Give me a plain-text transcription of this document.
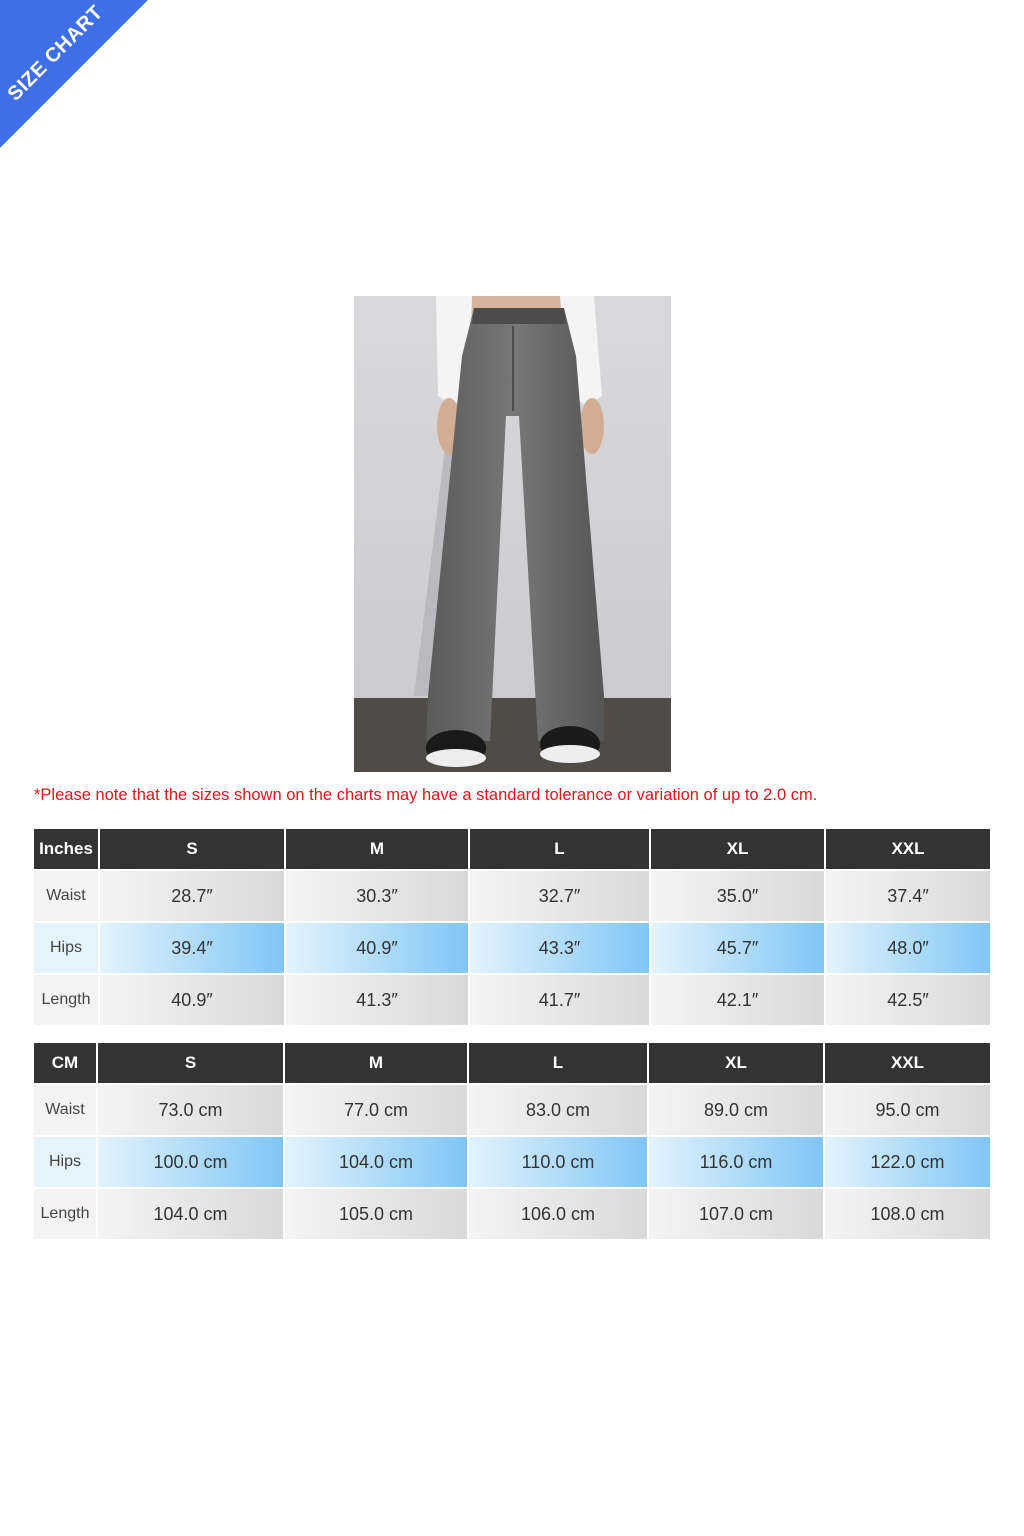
SIZE CHART
*Please note that the sizes shown on the charts may have a standard tolerance or variation of up to 2.0 cm.
Inches	S	M	L	XL	XXL
Waist	28.7″	30.3″	32.7″	35.0″	37.4″
Hips	39.4″	40.9″	43.3″	45.7″	48.0″
Length	40.9″	41.3″	41.7″	42.1″	42.5″
CM	S	M	L	XL	XXL
Waist	73.0 cm	77.0 cm	83.0 cm	89.0 cm	95.0 cm
Hips	100.0 cm	104.0 cm	110.0 cm	116.0 cm	122.0 cm
Length	104.0 cm	105.0 cm	106.0 cm	107.0 cm	108.0 cm
